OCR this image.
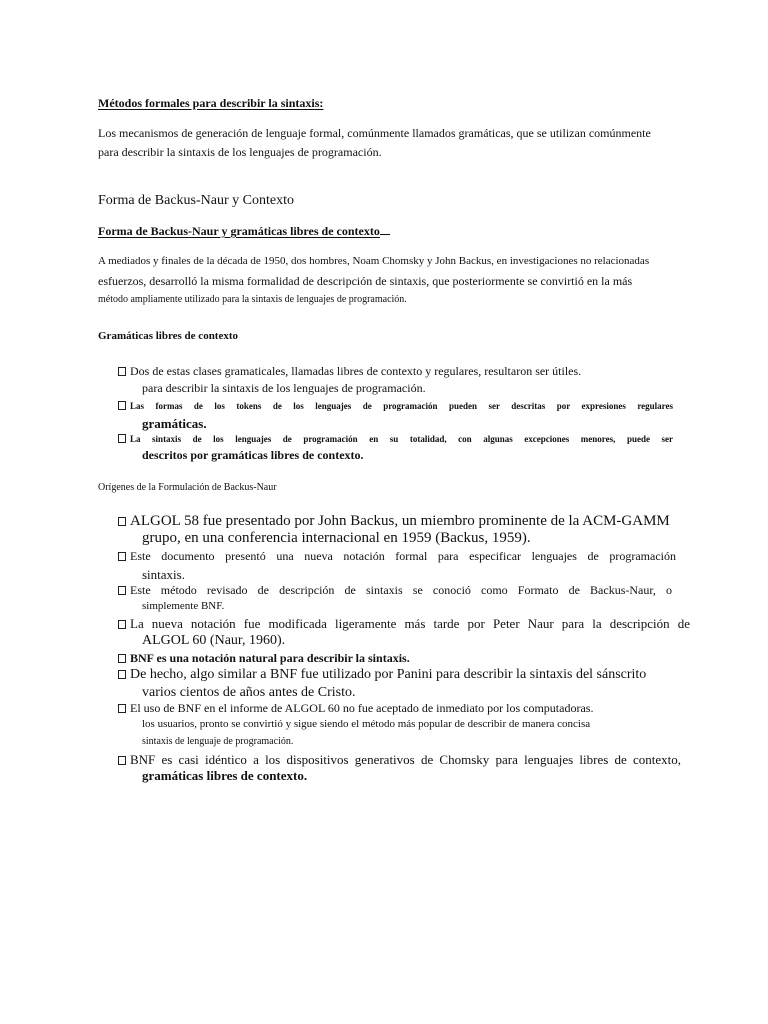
Métodos formales para describir la sintaxis:
Los mecanismos de generación de lenguaje formal, comúnmente llamados gramáticas, que se utilizan comúnmente
para describir la sintaxis de los lenguajes de programación.
Forma de Backus-Naur y Contexto
Forma de Backus-Naur y gramáticas libres de contexto
A mediados y finales de la década de 1950, dos hombres, Noam Chomsky y John Backus, en investigaciones no relacionadas
esfuerzos, desarrolló la misma formalidad de descripción de sintaxis, que posteriormente se convirtió en la más
método ampliamente utilizado para la sintaxis de lenguajes de programación.
Gramáticas libres de contexto
Dos de estas clases gramaticales, llamadas libres de contexto y regulares, resultaron ser útiles.
para describir la sintaxis de los lenguajes de programación.
Las formas de los tokens de los lenguajes de programación pueden ser descritas por expresiones regulares
gramáticas.
La sintaxis de los lenguajes de programación en su totalidad, con algunas excepciones menores, puede ser
descritos por gramáticas libres de contexto.
Orígenes de la Formulación de Backus-Naur
ALGOL 58 fue presentado por John Backus, un miembro prominente de la ACM-GAMM
grupo, en una conferencia internacional en 1959 (Backus, 1959).
Este documento presentó una nueva notación formal para especificar lenguajes de programación
sintaxis.
Este método revisado de descripción de sintaxis se conoció como Formato de Backus-Naur, o
simplemente BNF.
La nueva notación fue modificada ligeramente más tarde por Peter Naur para la descripción de
ALGOL 60 (Naur, 1960).
BNF es una notación natural para describir la sintaxis.
De hecho, algo similar a BNF fue utilizado por Panini para describir la sintaxis del sánscrito
varios cientos de años antes de Cristo.
El uso de BNF en el informe de ALGOL 60 no fue aceptado de inmediato por los computadoras.
los usuarios, pronto se convirtió y sigue siendo el método más popular de describir de manera concisa
sintaxis de lenguaje de programación.
BNF es casi idéntico a los dispositivos generativos de Chomsky para lenguajes libres de contexto,
gramáticas libres de contexto.
